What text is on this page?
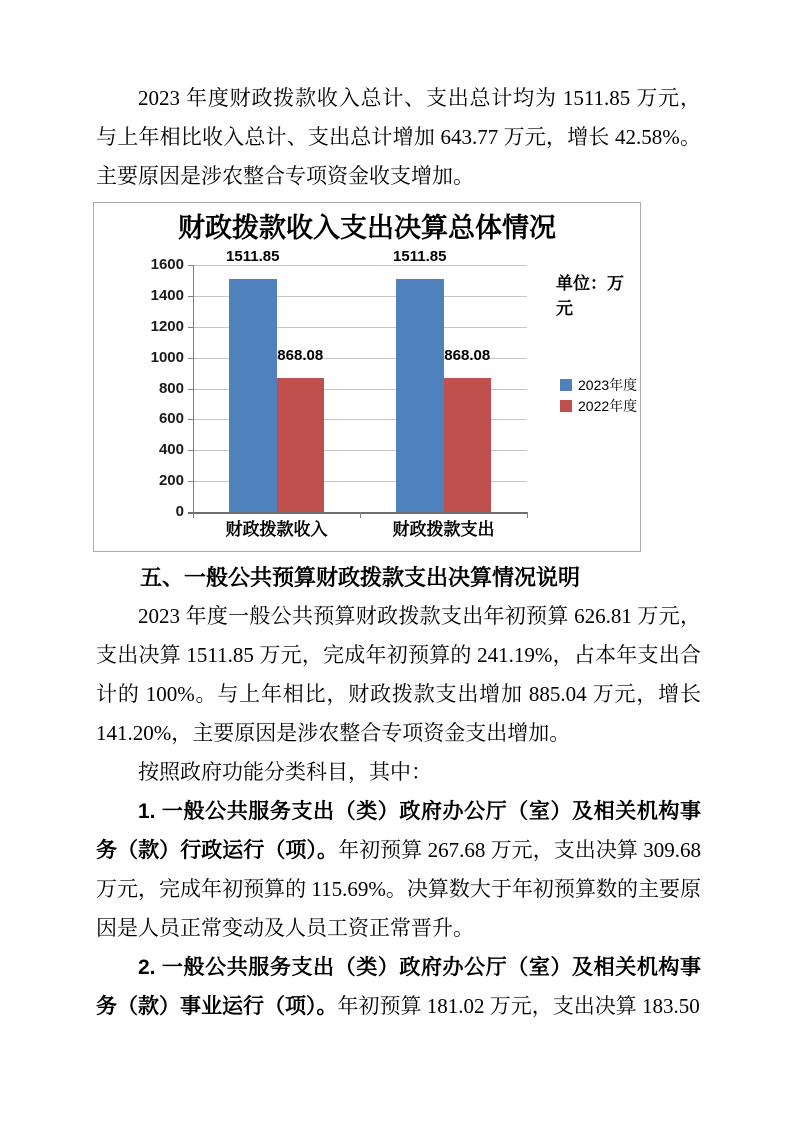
2023 年度财政拨款收入总计、支出总计均为 1511.85 万元，与上年相比收入总计、支出总计增加 643.77 万元，增长 42.58%。主要原因是涉农整合专项资金收支增加。

财政拨款收入支出决算总体情况
单位：万元
2023年度
2022年度
0
200
400
600
800
1000
1200
1400
1600	1511.85
868.08
财政拨款收入
1511.85
868.08
财政拨款支出
五、一般公共预算财政拨款支出决算情况说明

2023 年度一般公共预算财政拨款支出年初预算 626.81 万元，支出决算 1511.85 万元，完成年初预算的 241.19%，占本年支出合计的 100%。与上年相比，财政拨款支出增加 885.04 万元，增长 141.20%，主要原因是涉农整合专项资金支出增加。

按照政府功能分类科目，其中：

1. 一般公共服务支出（类）政府办公厅（室）及相关机构事务（款）行政运行（项）。年初预算 267.68 万元，支出决算 309.68 万元，完成年初预算的 115.69%。决算数大于年初预算数的主要原因是人员正常变动及人员工资正常晋升。

2. 一般公共服务支出（类）政府办公厅（室）及相关机构事务（款）事业运行（项）。年初预算 181.02 万元，支出决算 183.50
